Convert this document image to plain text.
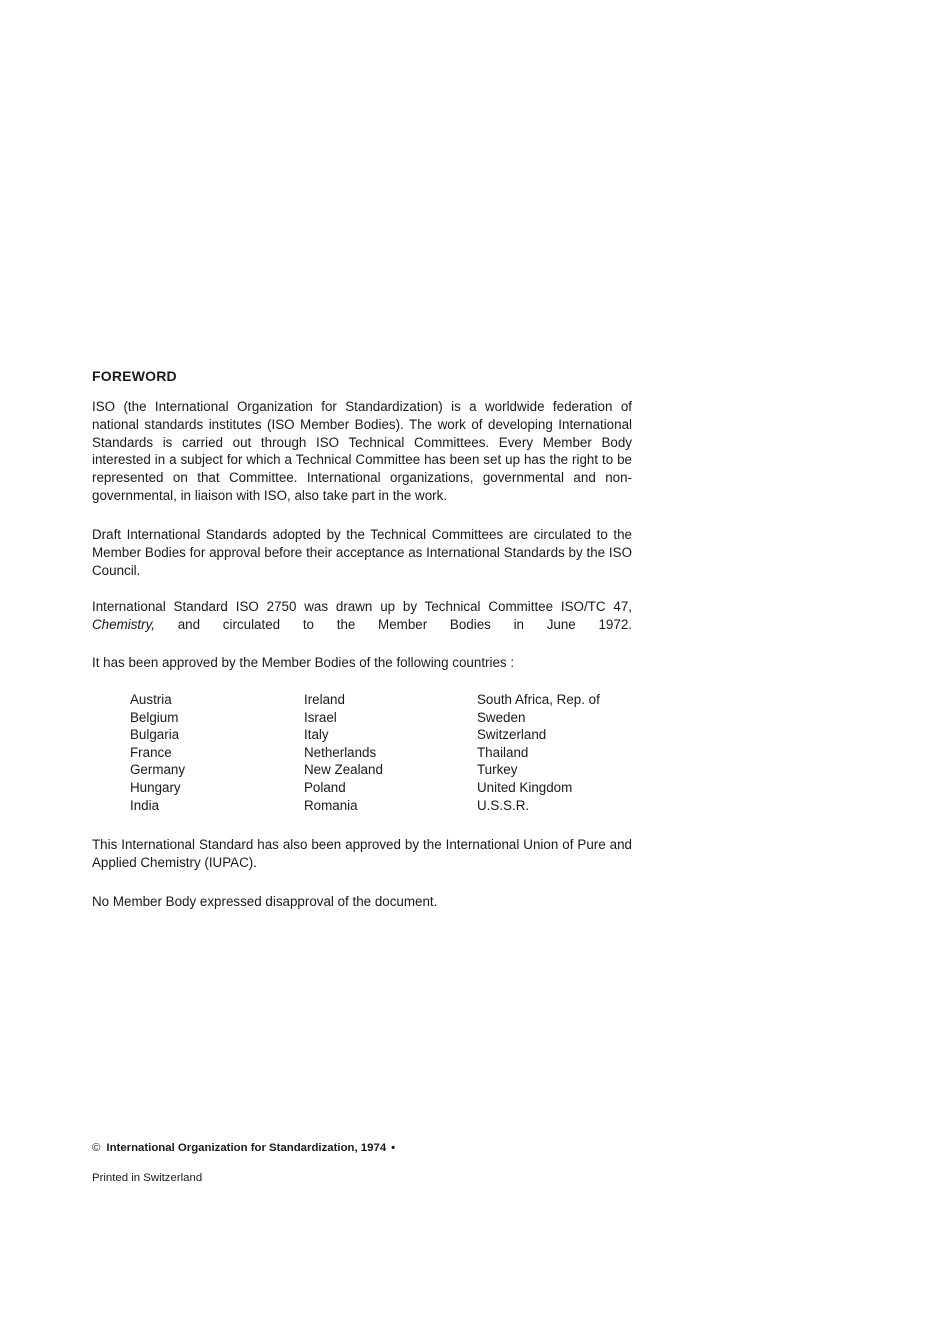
FOREWORD
ISO (the International Organization for Standardization) is a worldwide federation of national standards institutes (ISO Member Bodies). The work of developing International Standards is carried out through ISO Technical Committees. Every Member Body interested in a subject for which a Technical Committee has been set up has the right to be represented on that Committee. International organizations, governmental and non-governmental, in liaison with ISO, also take part in the work.
Draft International Standards adopted by the Technical Committees are circulated to the Member Bodies for approval before their acceptance as International Standards by the ISO Council.
International Standard ISO 2750 was drawn up by Technical Committee ISO/TC 47, Chemistry, and circulated to the Member Bodies in June 1972.
It has been approved by the Member Bodies of the following countries :
Austria
Belgium
Bulgaria
France
Germany
Hungary
India
Ireland
Israel
Italy
Netherlands
New Zealand
Poland
Romania
South Africa, Rep. of
Sweden
Switzerland
Thailand
Turkey
United Kingdom
U.S.S.R.
This International Standard has also been approved by the International Union of Pure and Applied Chemistry (IUPAC).
No Member Body expressed disapproval of the document.
© International Organization for Standardization, 1974 •
Printed in Switzerland
